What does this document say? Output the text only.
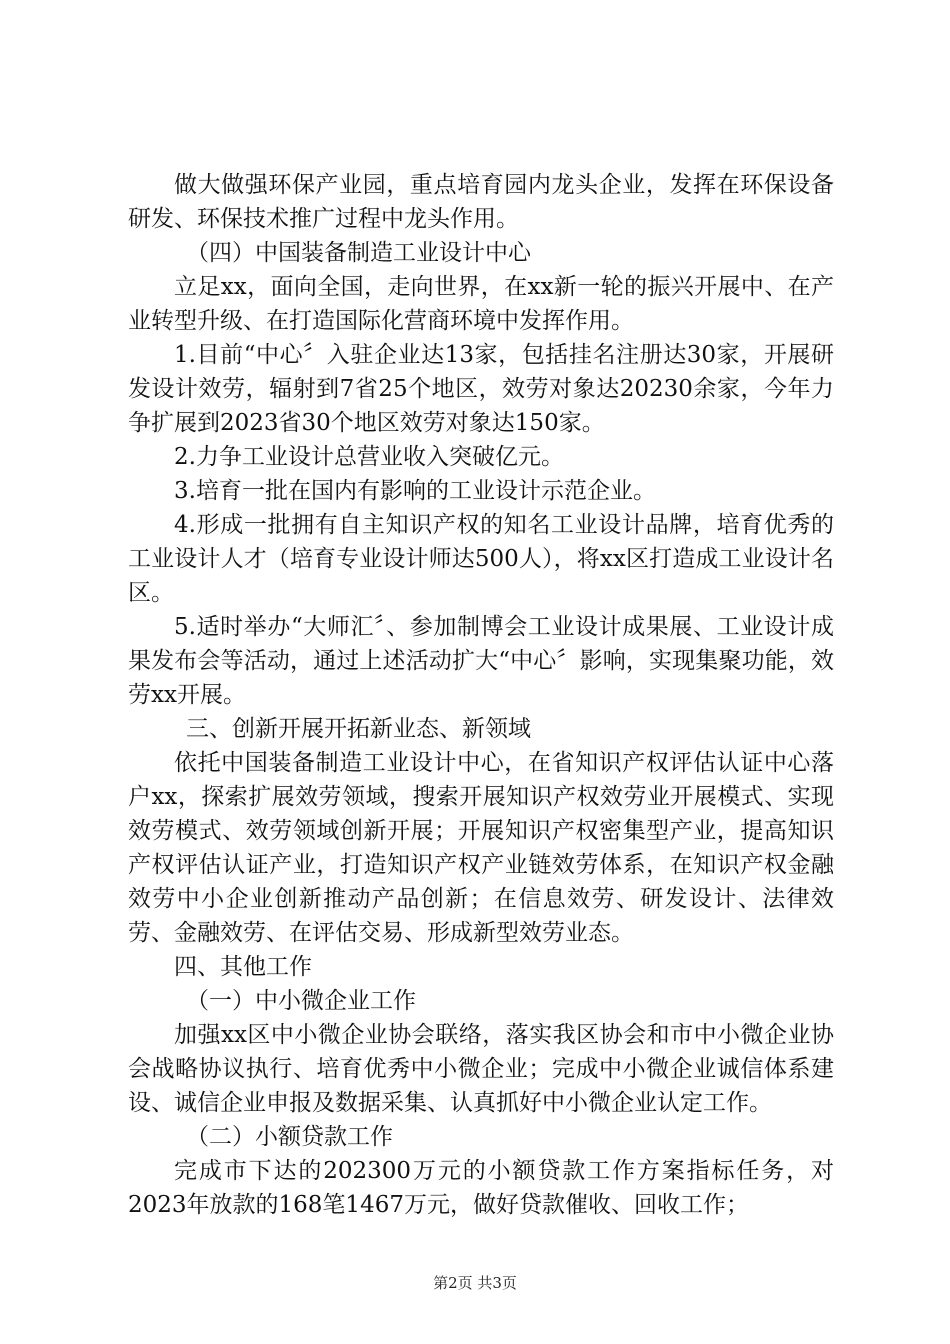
做大做强环保产业园，重点培育园内龙头企业，发挥在环保设备研发、环保技术推广过程中龙头作用。

（四）中国装备制造工业设计中心

立足xx，面向全国，走向世界，在xx新一轮的振兴开展中、在产业转型升级、在打造国际化营商环境中发挥作用。

1.目前“中心〞入驻企业达13家，包括挂名注册达30家，开展研发设计效劳，辐射到7省25个地区，效劳对象达20230余家，今年力争扩展到2023省30个地区效劳对象达150家。

2.力争工业设计总营业收入突破亿元。

3.培育一批在国内有影响的工业设计示范企业。

4.形成一批拥有自主知识产权的知名工业设计品牌，培育优秀的工业设计人才（培育专业设计师达500人），将xx区打造成工业设计名区。

5.适时举办“大师汇〞、参加制博会工业设计成果展、工业设计成果发布会等活动，通过上述活动扩大“中心〞影响，实现集聚功能，效劳xx开展。

三、创新开展开拓新业态、新领域

依托中国装备制造工业设计中心，在省知识产权评估认证中心落户xx，探索扩展效劳领域，搜索开展知识产权效劳业开展模式、实现效劳模式、效劳领域创新开展；开展知识产权密集型产业，提高知识产权评估认证产业，打造知识产权产业链效劳体系，在知识产权金融效劳中小企业创新推动产品创新；在信息效劳、研发设计、法律效劳、金融效劳、在评估交易、形成新型效劳业态。

四、其他工作

（一）中小微企业工作

加强xx区中小微企业协会联络，落实我区协会和市中小微企业协会战略协议执行、培育优秀中小微企业；完成中小微企业诚信体系建设、诚信企业申报及数据采集、认真抓好中小微企业认定工作。

（二）小额贷款工作

完成市下达的202300万元的小额贷款工作方案指标任务，对2023年放款的168笔1467万元，做好贷款催收、回收工作；

第2页 共3页
